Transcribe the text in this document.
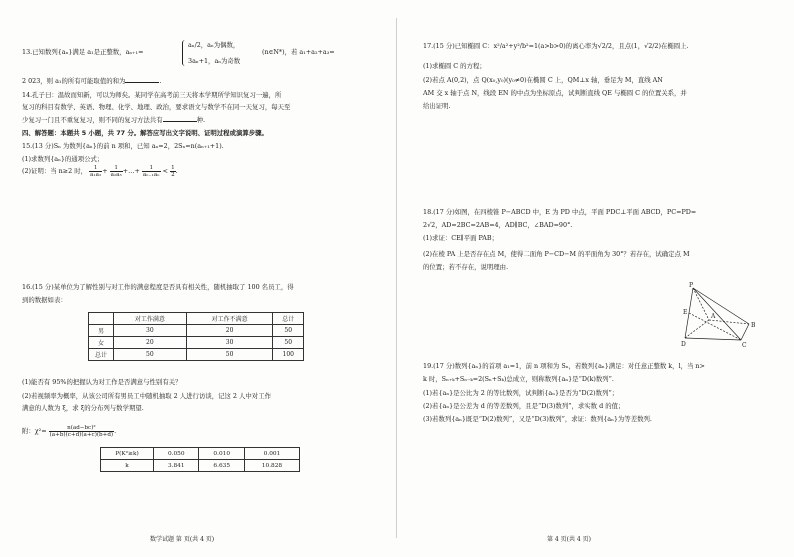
13.已知数列{aₙ}满足 a₁是正整数，aₙ₊₁=
aₙ/2，aₙ为偶数，
3aₙ+1，aₙ为奇数
(n∈N*)，若 a₁+a₂+a₃=
2 023，则 a₁的所有可能取值的和为	.
14.孔子曰：温故而知新，可以为师矣。某同学在高考前三天将本学期所学知识复习一遍，所
复习的科目有数学、英语、物理、化学、地理、政治，要求语文与数学不在同一天复习，每天至
少复习一门且不重复复习，则不同的复习方法共有	种.
四、解答题：本题共 5 小题，共 77 分。解答应写出文字说明、证明过程或演算步骤。
15.(13 分)Sₙ 为数列{aₙ}的前 n 项和，已知 aₙ=2，2Sₙ=n(aₙ₊₁+1).
(1)求数列{aₙ}的通项公式；
(2)证明：当 n≥2 时， $\frac{1}{\text{a₁a₂}} + \frac{1}{\text{a₂a₃}}$ +…+ $\frac{1}{\text{aₙ₋₁aₙ}} < \frac{1}{2}$ .
16.(15 分)某单位为了解性别与对工作的满意程度是否具有相关性，随机抽取了 100 名员工，得
到的数据如表：
	对工作满意	对工作不满意	总计
男	30	20	50
女	20	30	50
总计	50	50	100
(1)能否有 95%的把握认为对工作是否满意与性别有关？
(2)若视频率为概率，从该公司所有男员工中随机抽取 2 人进行访谈，记这 2 人中对工作
满意的人数为 ξ，求 ξ的分布列与数学期望.
附：$\chi^2= \frac{\text{n(ad−bc)²}}{(a+b)(c+d)(a+c)(b+d)}$ .
P(K²≥k)	0.050	0.010	0.001
k	3.841	6.635	10.828
数学试题 第 页(共 4 页)
17.(15 分)已知椭圆 C：x²/a²+y²/b²=1(a>b>0)的离心率为√2/2，且点(1，√2/2)在椭圆上.
(1)求椭圆 C 的方程；
(2)若点 A(0,2)，点 Q(x₀,y₀)(y₀≠0)在椭圆 C 上，QM⊥x 轴，垂足为 M，直线 AN
AM 交 x 轴于点 N，线段 EN 的中点为坐标原点，试判断直线 QE 与椭圆 C 的位置关系，并
给出证明.
18.(17 分)如图，在四棱锥 P−ABCD 中，E 为 PD 中点，平面 PDC⊥平面 ABCD，PC=PD=
2√2，AD=2BC=2AB=4，AD∥BC，∠BAD=90°.
(1)求证：CE∥平面 PAB；
(2)在棱 PA 上是否存在点 M，使得二面角 P−CD−M 的平面角为 30°？若存在，试确定点 M
的位置；若不存在，说明理由.
P
D	C
B
A
E
19.(17 分)数列{aₙ}的首项 a₁=1，前 n 项和为 Sₙ，若数列{aₙ}满足：对任意正整数 k，l，当 n>
k 时，Sₙ₊ₖ+Sₙ₋ₖ=2(Sₙ+Sₖ)总成立，则称数列{aₙ}是“D(k)数列”.
(1)若{aₙ}是公比为 2 的等比数列，试判断{aₙ}是否为“D(2)数列”；
(2)若{aₙ}是公差为 d 的等差数列，且是“D(3)数列”，求实数 d 的值；
(3)若数列{aₙ}既是“D(2)数列”，又是“D(3)数列”，求证：数列{aₙ}为等差数列.
第 4 页(共 4 页)
